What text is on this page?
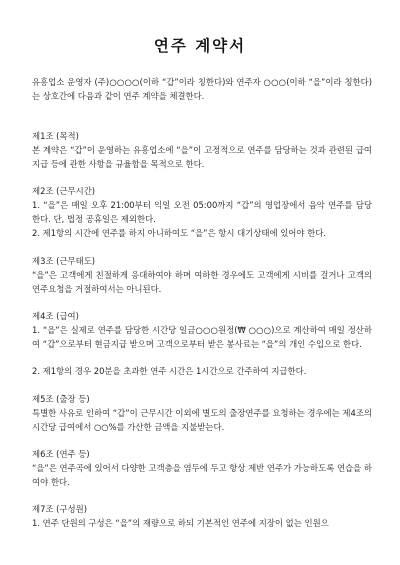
연주 계약서

유흥업소 운영자 (주)○○○○(이하 “갑”이라 칭한다)와 연주자 ○○○(이하 “을”이라 칭한다)는 상호간에 다음과 같이 연주 계약을 체결한다.

제1조 (목적)

본 계약은 “갑”이 운영하는 유흥업소에 “을”이 고정적으로 연주를 담당하는 것과 관련된 급여 지급 등에 관한 사항을 규율함을 목적으로 한다.

제2조 (근무시간)

1. “을”은 매일 오후 21:00부터 익일 오전 05:00까지 “갑”의 영업장에서 음악 연주를 담당한다. 단, 법정 공휴일은 제외한다.

2. 제1항의 시간에 연주를 하지 아니하여도 “을”은 항시 대기상태에 있어야 한다.

제3조 (근무태도)

“을”은 고객에게 친절하게 응대하여야 하며 여하한 경우에도 고객에게 시비를 걸거나 고객의 연주요청을 거절하여서는 아니된다.

제4조 (급여)

1. “을”은 실제로 연주를 담당한 시간당 일금○○○원정(₩ ○○○)으로 계산하여 매일 정산하여 “갑”으로부터 현금지급 받으며 고객으로부터 받은 봉사료는 “을”의 개인 수입으로 한다.

2. 제1항의 경우 20분을 초과한 연주 시간은 1시간으로 간주하여 지급한다.

제5조 (출장 등)

특별한 사유로 인하여 “갑”이 근무시간 이외에 별도의 출장연주를 요청하는 경우에는 제4조의 시간당 급여에서 ○○%를 가산한 금액을 지불받는다.

제6조 (연주 등)

“을”은 연주곡에 있어서 다양한 고객층을 염두에 두고 항상 제반 연주가 가능하도록 연습을 하여야 한다.

제7조 (구성원)

1. 연주 단원의 구성은 “을”의 재량으로 하되 기본적인 연주에 지장이 없는 인원으
